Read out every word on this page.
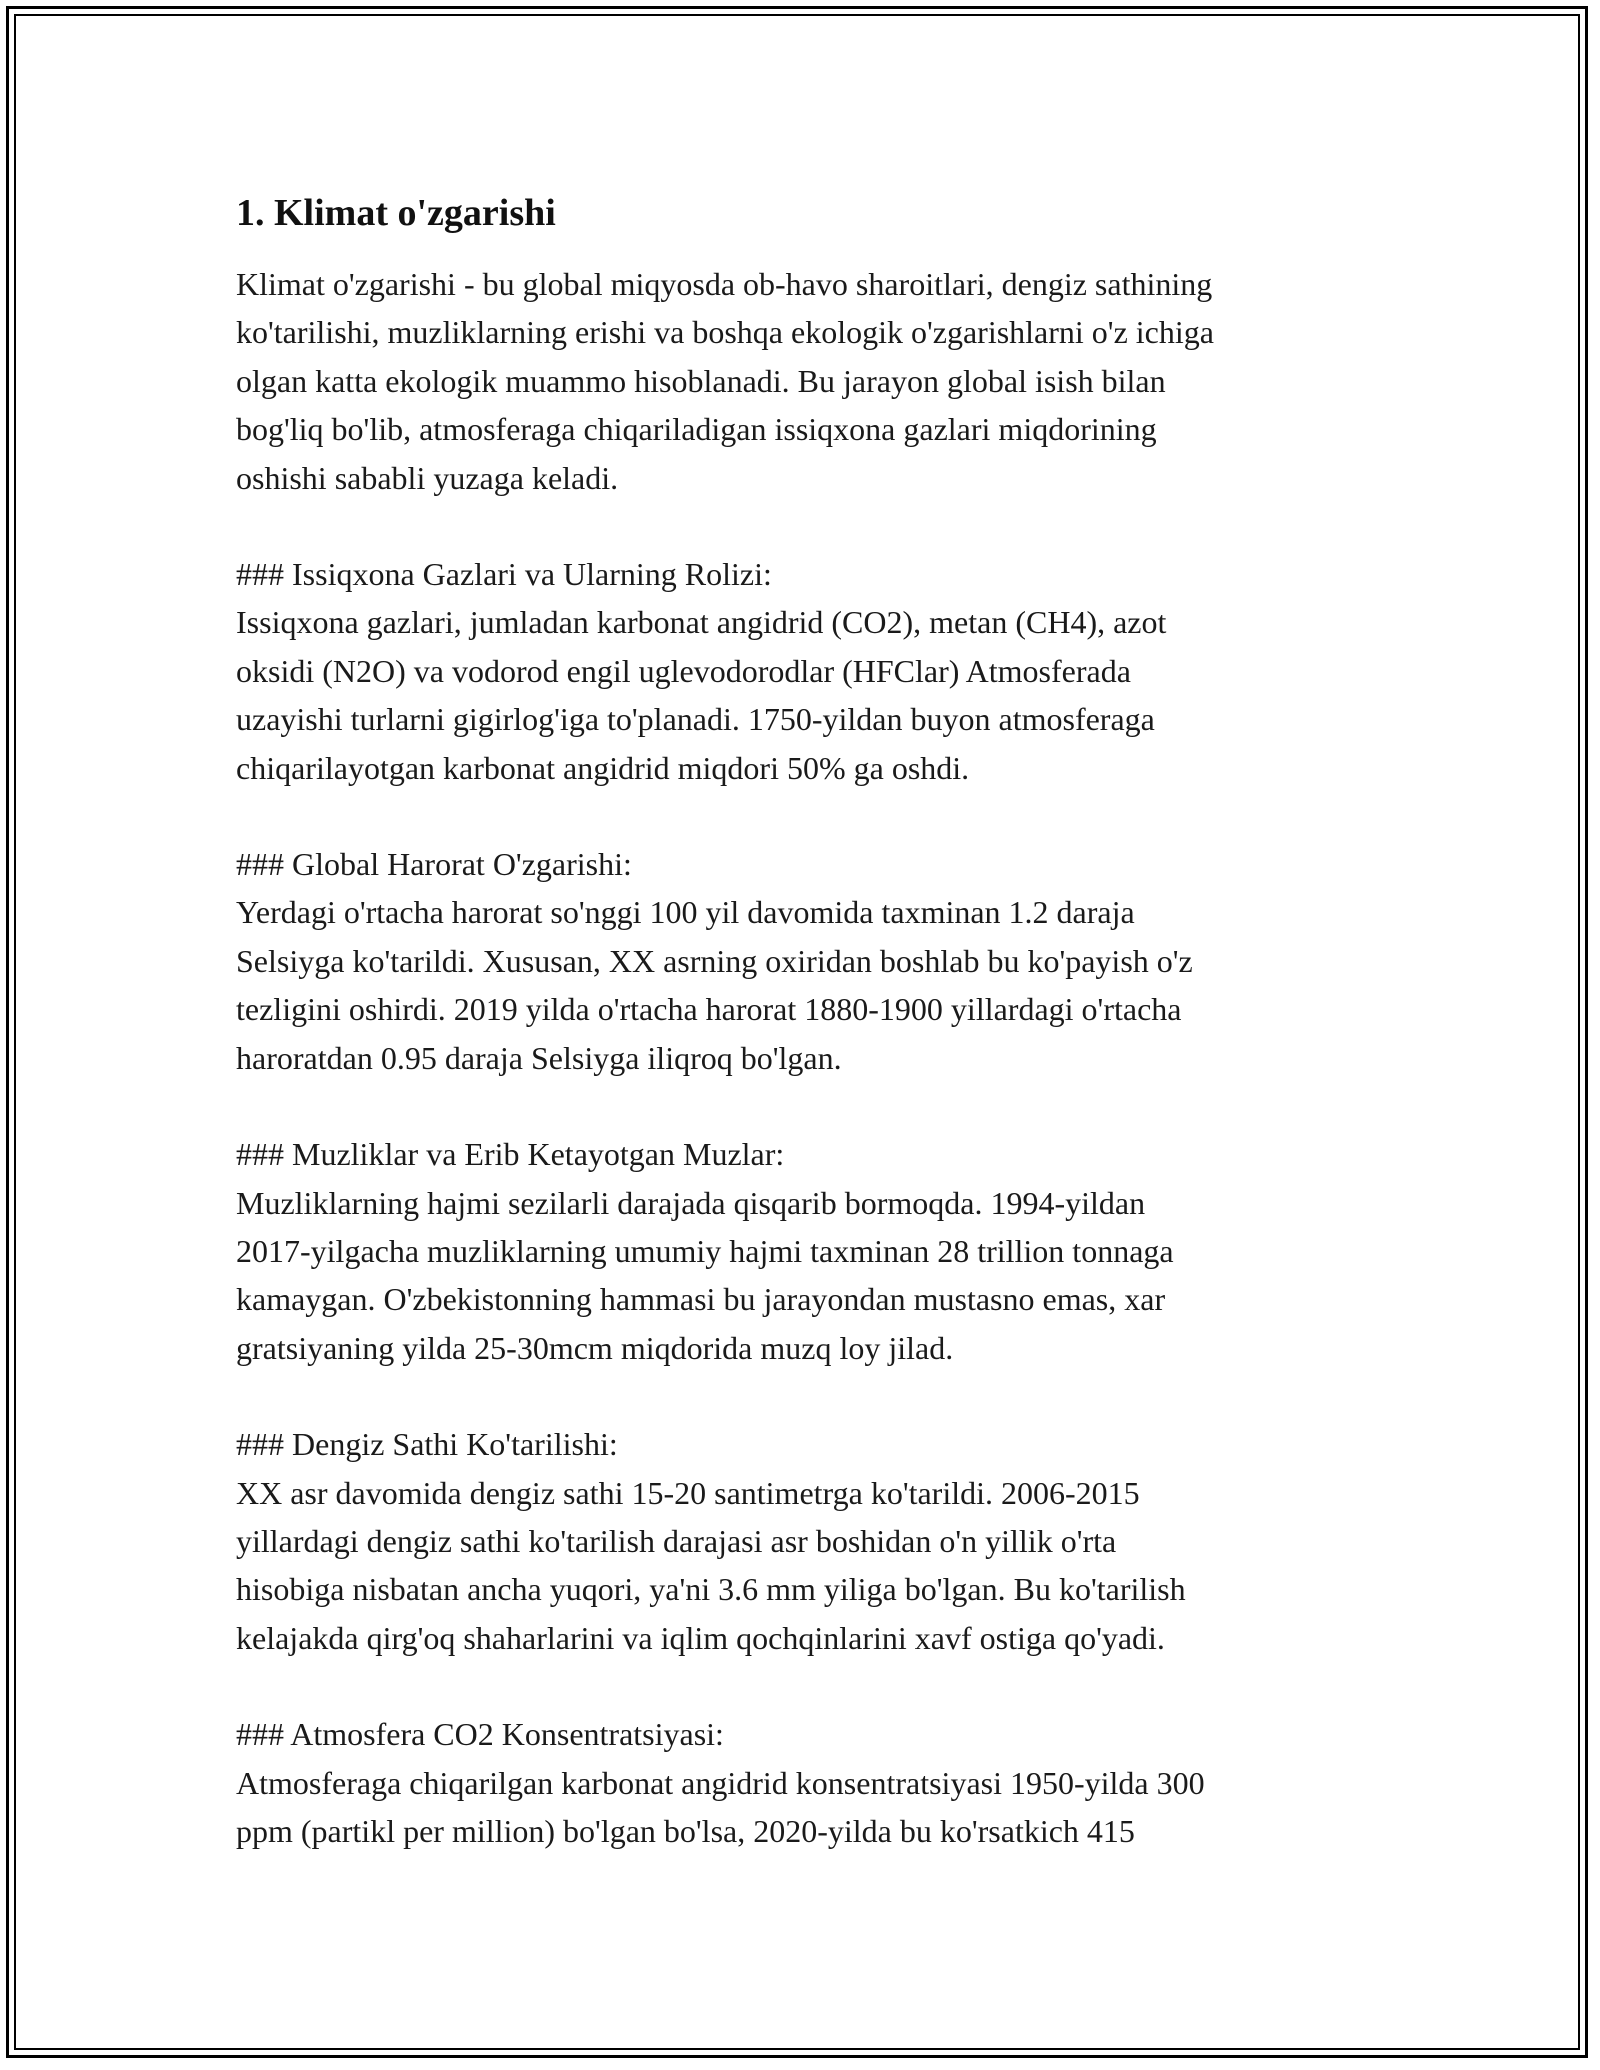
1. Klimat o'zgarishi
Klimat o'zgarishi - bu global miqyosda ob-havo sharoitlari, dengiz sathining
ko'tarilishi, muzliklarning erishi va boshqa ekologik o'zgarishlarni o'z ichiga
olgan katta ekologik muammo hisoblanadi. Bu jarayon global isish bilan
bog'liq bo'lib, atmosferaga chiqariladigan issiqxona gazlari miqdorining
oshishi sababli yuzaga keladi.
### Issiqxona Gazlari va Ularning Rolizi:
Issiqxona gazlari, jumladan karbonat angidrid (CO2), metan (CH4), azot
oksidi (N2O) va vodorod engil uglevodorodlar (HFClar) Atmosferada
uzayishi turlarni gigirlog'iga to'planadi. 1750-yildan buyon atmosferaga
chiqarilayotgan karbonat angidrid miqdori 50% ga oshdi.
### Global Harorat O'zgarishi:
Yerdagi o'rtacha harorat so'nggi 100 yil davomida taxminan 1.2 daraja
Selsiyga ko'tarildi. Xususan, XX asrning oxiridan boshlab bu ko'payish o'z
tezligini oshirdi. 2019 yilda o'rtacha harorat 1880-1900 yillardagi o'rtacha
haroratdan 0.95 daraja Selsiyga iliqroq bo'lgan.
### Muzliklar va Erib Ketayotgan Muzlar:
Muzliklarning hajmi sezilarli darajada qisqarib bormoqda. 1994-yildan
2017-yilgacha muzliklarning umumiy hajmi taxminan 28 trillion tonnaga
kamaygan. O'zbekistonning hammasi bu jarayondan mustasno emas, xar
gratsiyaning yilda 25-30mcm miqdorida muzq loy jilad.
### Dengiz Sathi Ko'tarilishi:
XX asr davomida dengiz sathi 15-20 santimetrga ko'tarildi. 2006-2015
yillardagi dengiz sathi ko'tarilish darajasi asr boshidan o'n yillik o'rta
hisobiga nisbatan ancha yuqori, ya'ni 3.6 mm yiliga bo'lgan. Bu ko'tarilish
kelajakda qirg'oq shaharlarini va iqlim qochqinlarini xavf ostiga qo'yadi.
### Atmosfera CO2 Konsentratsiyasi:
Atmosferaga chiqarilgan karbonat angidrid konsentratsiyasi 1950-yilda 300
ppm (partikl per million) bo'lgan bo'lsa, 2020-yilda bu ko'rsatkich 415
